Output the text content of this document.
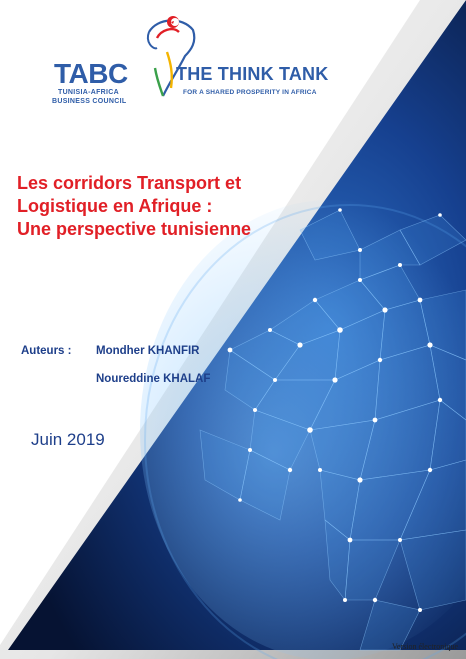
TABC
TUNISIA-AFRICA
BUSINESS COUNCIL
THE THINK TANK
FOR A SHARED PROSPERITY IN AFRICA
Les corridors Transport et
Logistique en Afrique :
Une perspective tunisienne
Auteurs : Mondher KHANFIR
Noureddine KHALAF
Juin 2019
Version électronique
